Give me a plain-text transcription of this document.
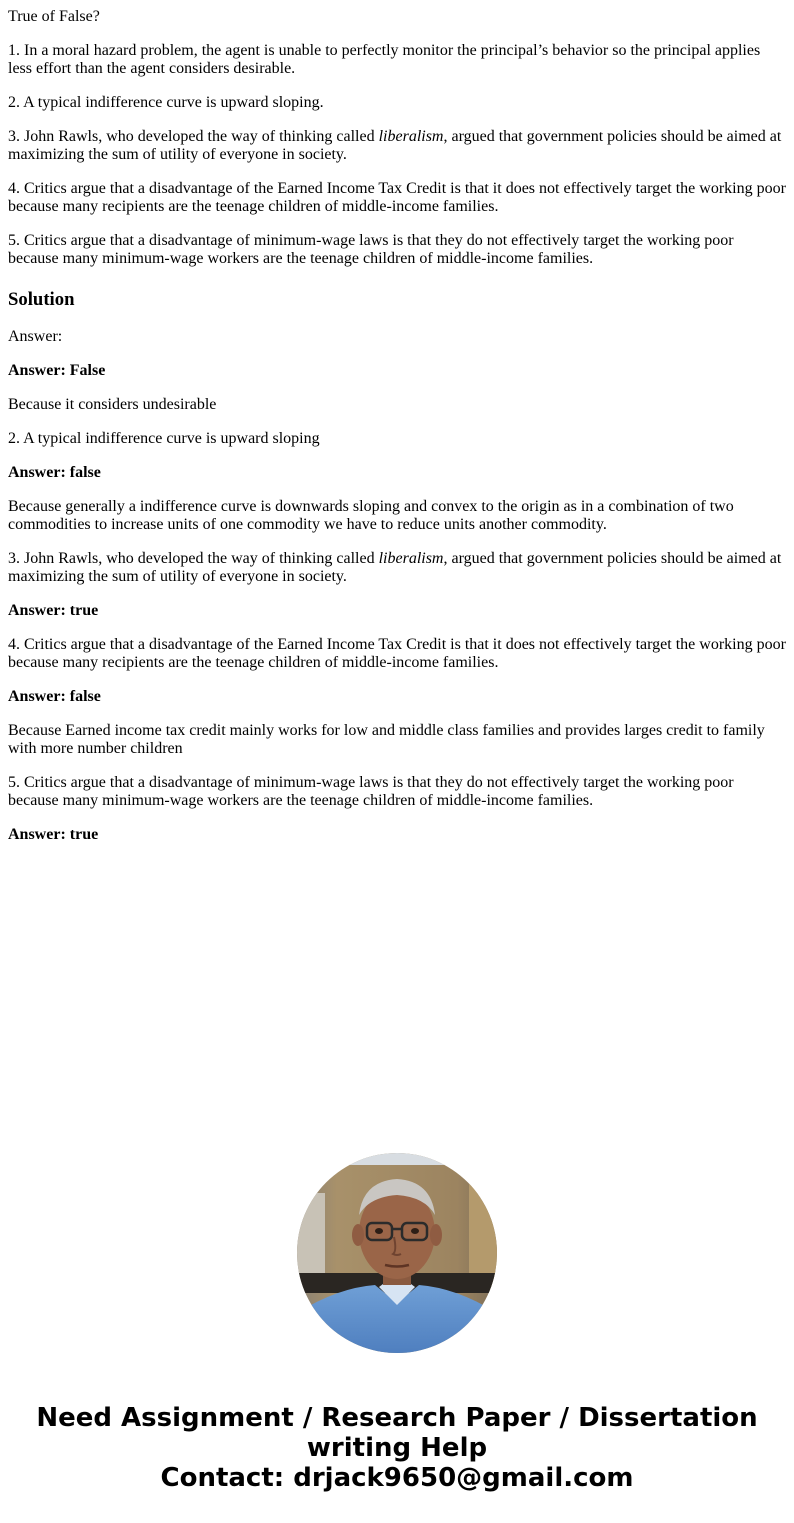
True of False?

1. In a moral hazard problem, the agent is unable to perfectly monitor the principal’s behavior so the principal applies less effort than the agent considers desirable.

2. A typical indifference curve is upward sloping.

3. John Rawls, who developed the way of thinking called liberalism, argued that government policies should be aimed at maximizing the sum of utility of everyone in society.

4. Critics argue that a disadvantage of the Earned Income Tax Credit is that it does not effectively target the working poor because many recipients are the teenage children of middle-income families.

5. Critics argue that a disadvantage of minimum-wage laws is that they do not effectively target the working poor because many minimum-wage workers are the teenage children of middle-income families.

Solution

Answer:

Answer: False

Because it considers undesirable

2. A typical indifference curve is upward sloping

Answer: false

Because generally a indifference curve is downwards sloping and convex to the origin as in a combination of two commodities to increase units of one commodity we have to reduce units another commodity.

3. John Rawls, who developed the way of thinking called liberalism, argued that government policies should be aimed at maximizing the sum of utility of everyone in society.

Answer: true

4. Critics argue that a disadvantage of the Earned Income Tax Credit is that it does not effectively target the working poor because many recipients are the teenage children of middle-income families.

Answer: false

Because Earned income tax credit mainly works for low and middle class families and provides larges credit to family with more number children

5. Critics argue that a disadvantage of minimum-wage laws is that they do not effectively target the working poor because many minimum-wage workers are the teenage children of middle-income families.

Answer: true

Need Assignment / Research Paper / Dissertation
writing Help
Contact: drjack9650@gmail.com
